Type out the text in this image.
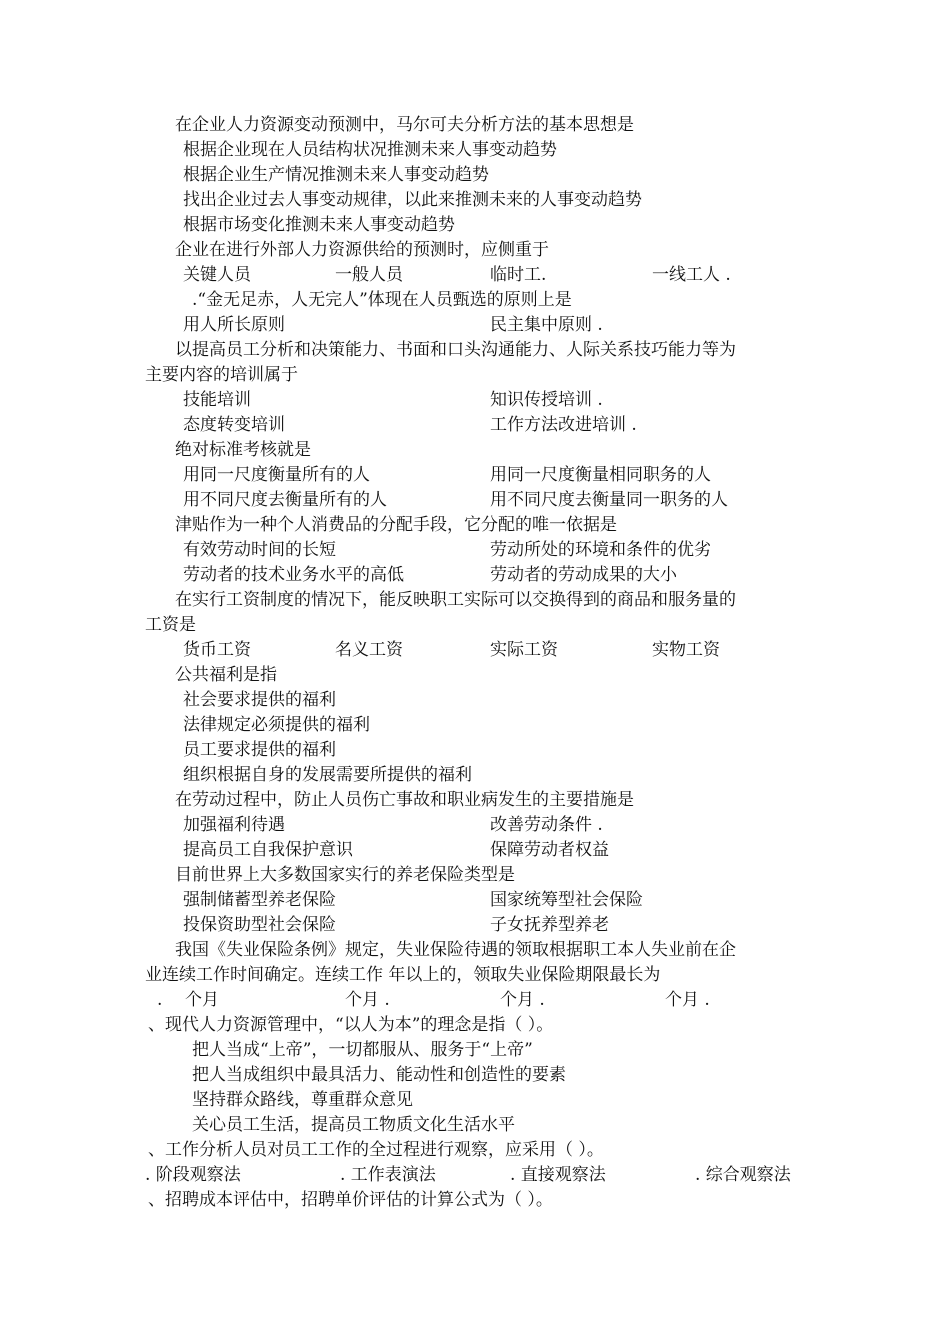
在企业人力资源变动预测中，马尔可夫分析方法的基本思想是
根据企业现在人员结构状况推测未来人事变动趋势
根据企业生产情况推测未来人事变动趋势
找出企业过去人事变动规律，以此来推测未来的人事变动趋势
根据市场变化推测未来人事变动趋势
企业在进行外部人力资源供给的预测时，应侧重于
关键人员	一般人员	临时工.	一线工人 .
.“金无足赤，人无完人”体现在人员甄选的原则上是
用人所长原则	民主集中原则 .
以提高员工分析和决策能力、书面和口头沟通能力、人际关系技巧能力等为
主要内容的培训属于
技能培训	知识传授培训 .
态度转变培训	工作方法改进培训 .
绝对标准考核就是
用同一尺度衡量所有的人	用同一尺度衡量相同职务的人
用不同尺度去衡量所有的人	用不同尺度去衡量同一职务的人
津贴作为一种个人消费品的分配手段，它分配的唯一依据是
有效劳动时间的长短	劳动所处的环境和条件的优劣
劳动者的技术业务水平的高低	劳动者的劳动成果的大小
在实行工资制度的情况下，能反映职工实际可以交换得到的商品和服务量的
工资是
货币工资	名义工资	实际工资	实物工资
公共福利是指
社会要求提供的福利
法律规定必须提供的福利
员工要求提供的福利
组织根据自身的发展需要所提供的福利
在劳动过程中，防止人员伤亡事故和职业病发生的主要措施是
加强福利待遇	改善劳动条件 .
提高员工自我保护意识	保障劳动者权益
目前世界上大多数国家实行的养老保险类型是
强制储蓄型养老保险	国家统筹型社会保险
投保资助型社会保险	子女抚养型养老
我国《失业保险条例》规定，失业保险待遇的领取根据职工本人失业前在企
业连续工作时间确定。连续工作 年以上的，领取失业保险期限最长为
. 个月	个月 .	个月 .	个月 .
、现代人力资源管理中，“以人为本”的理念是指（ ）。
把人当成“上帝”，一切都服从、服务于“上帝”
把人当成组织中最具活力、能动性和创造性的要素
坚持群众路线，尊重群众意见
关心员工生活，提高员工物质文化生活水平
、工作分析人员对员工工作的全过程进行观察，应采用（ ）。
. 阶段观察法	. 工作表演法	. 直接观察法	. 综合观察法
、招聘成本评估中，招聘单价评估的计算公式为（ ）。
